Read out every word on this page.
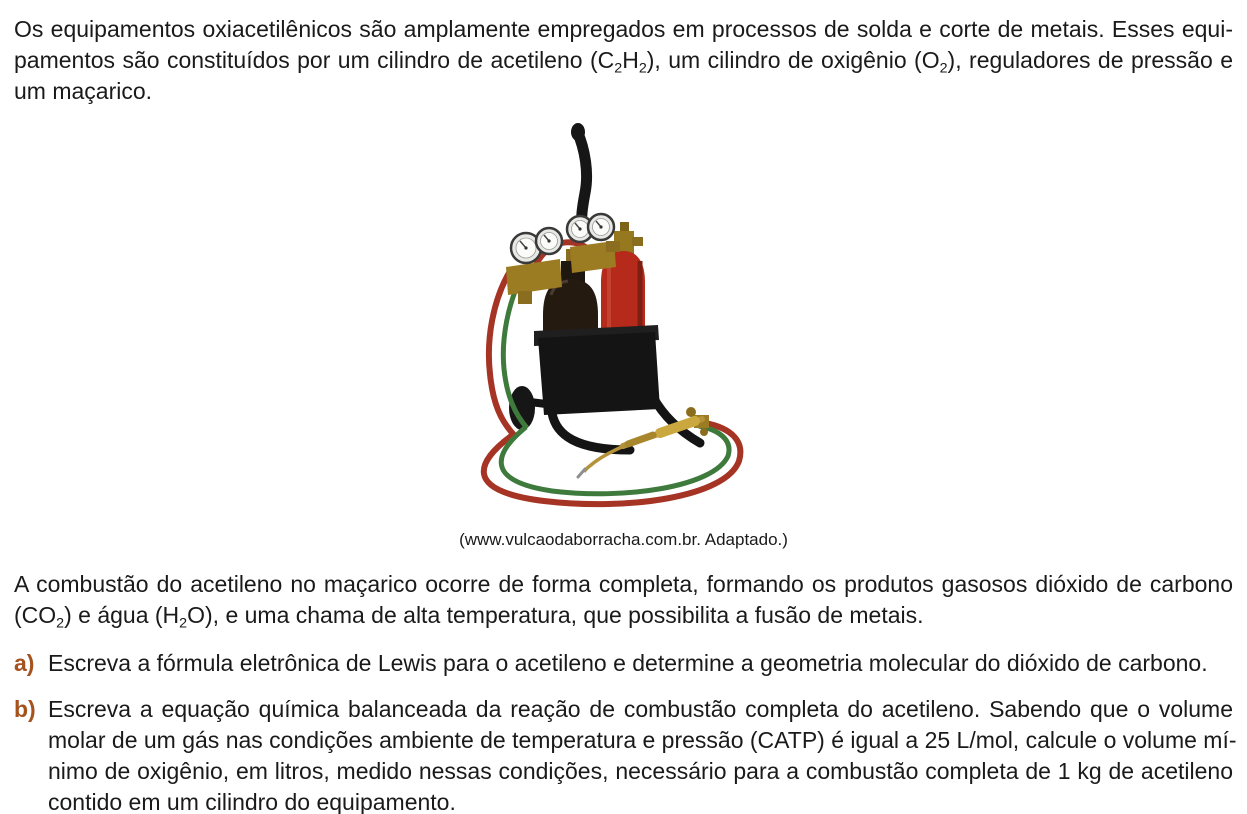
Os equipamentos oxiacetilênicos são amplamente empregados em processos de solda e corte de metais. Esses equi-
pamentos são constituídos por um cilindro de acetileno $(C_2H_2)$, um cilindro de oxigênio $(O_2)$, reguladores de pressão e
um maçarico.
(www.vulcaodaborracha.com.br. Adaptado.)
A combustão do acetileno no maçarico ocorre de forma completa, formando os produtos gasosos dióxido de carbono
$(CO_2)$ e água $(H_2O)$, e uma chama de alta temperatura, que possibilita a fusão de metais.
a) Escreva a fórmula eletrônica de Lewis para o acetileno e determine a geometria molecular do dióxido de carbono.
b) Escreva a equação química balanceada da reação de combustão completa do acetileno. Sabendo que o volume
molar de um gás nas condições ambiente de temperatura e pressão (CATP) é igual a 25 L/mol, calcule o volume mí-
nimo de oxigênio, em litros, medido nessas condições, necessário para a combustão completa de 1 kg de acetileno
contido em um cilindro do equipamento.
